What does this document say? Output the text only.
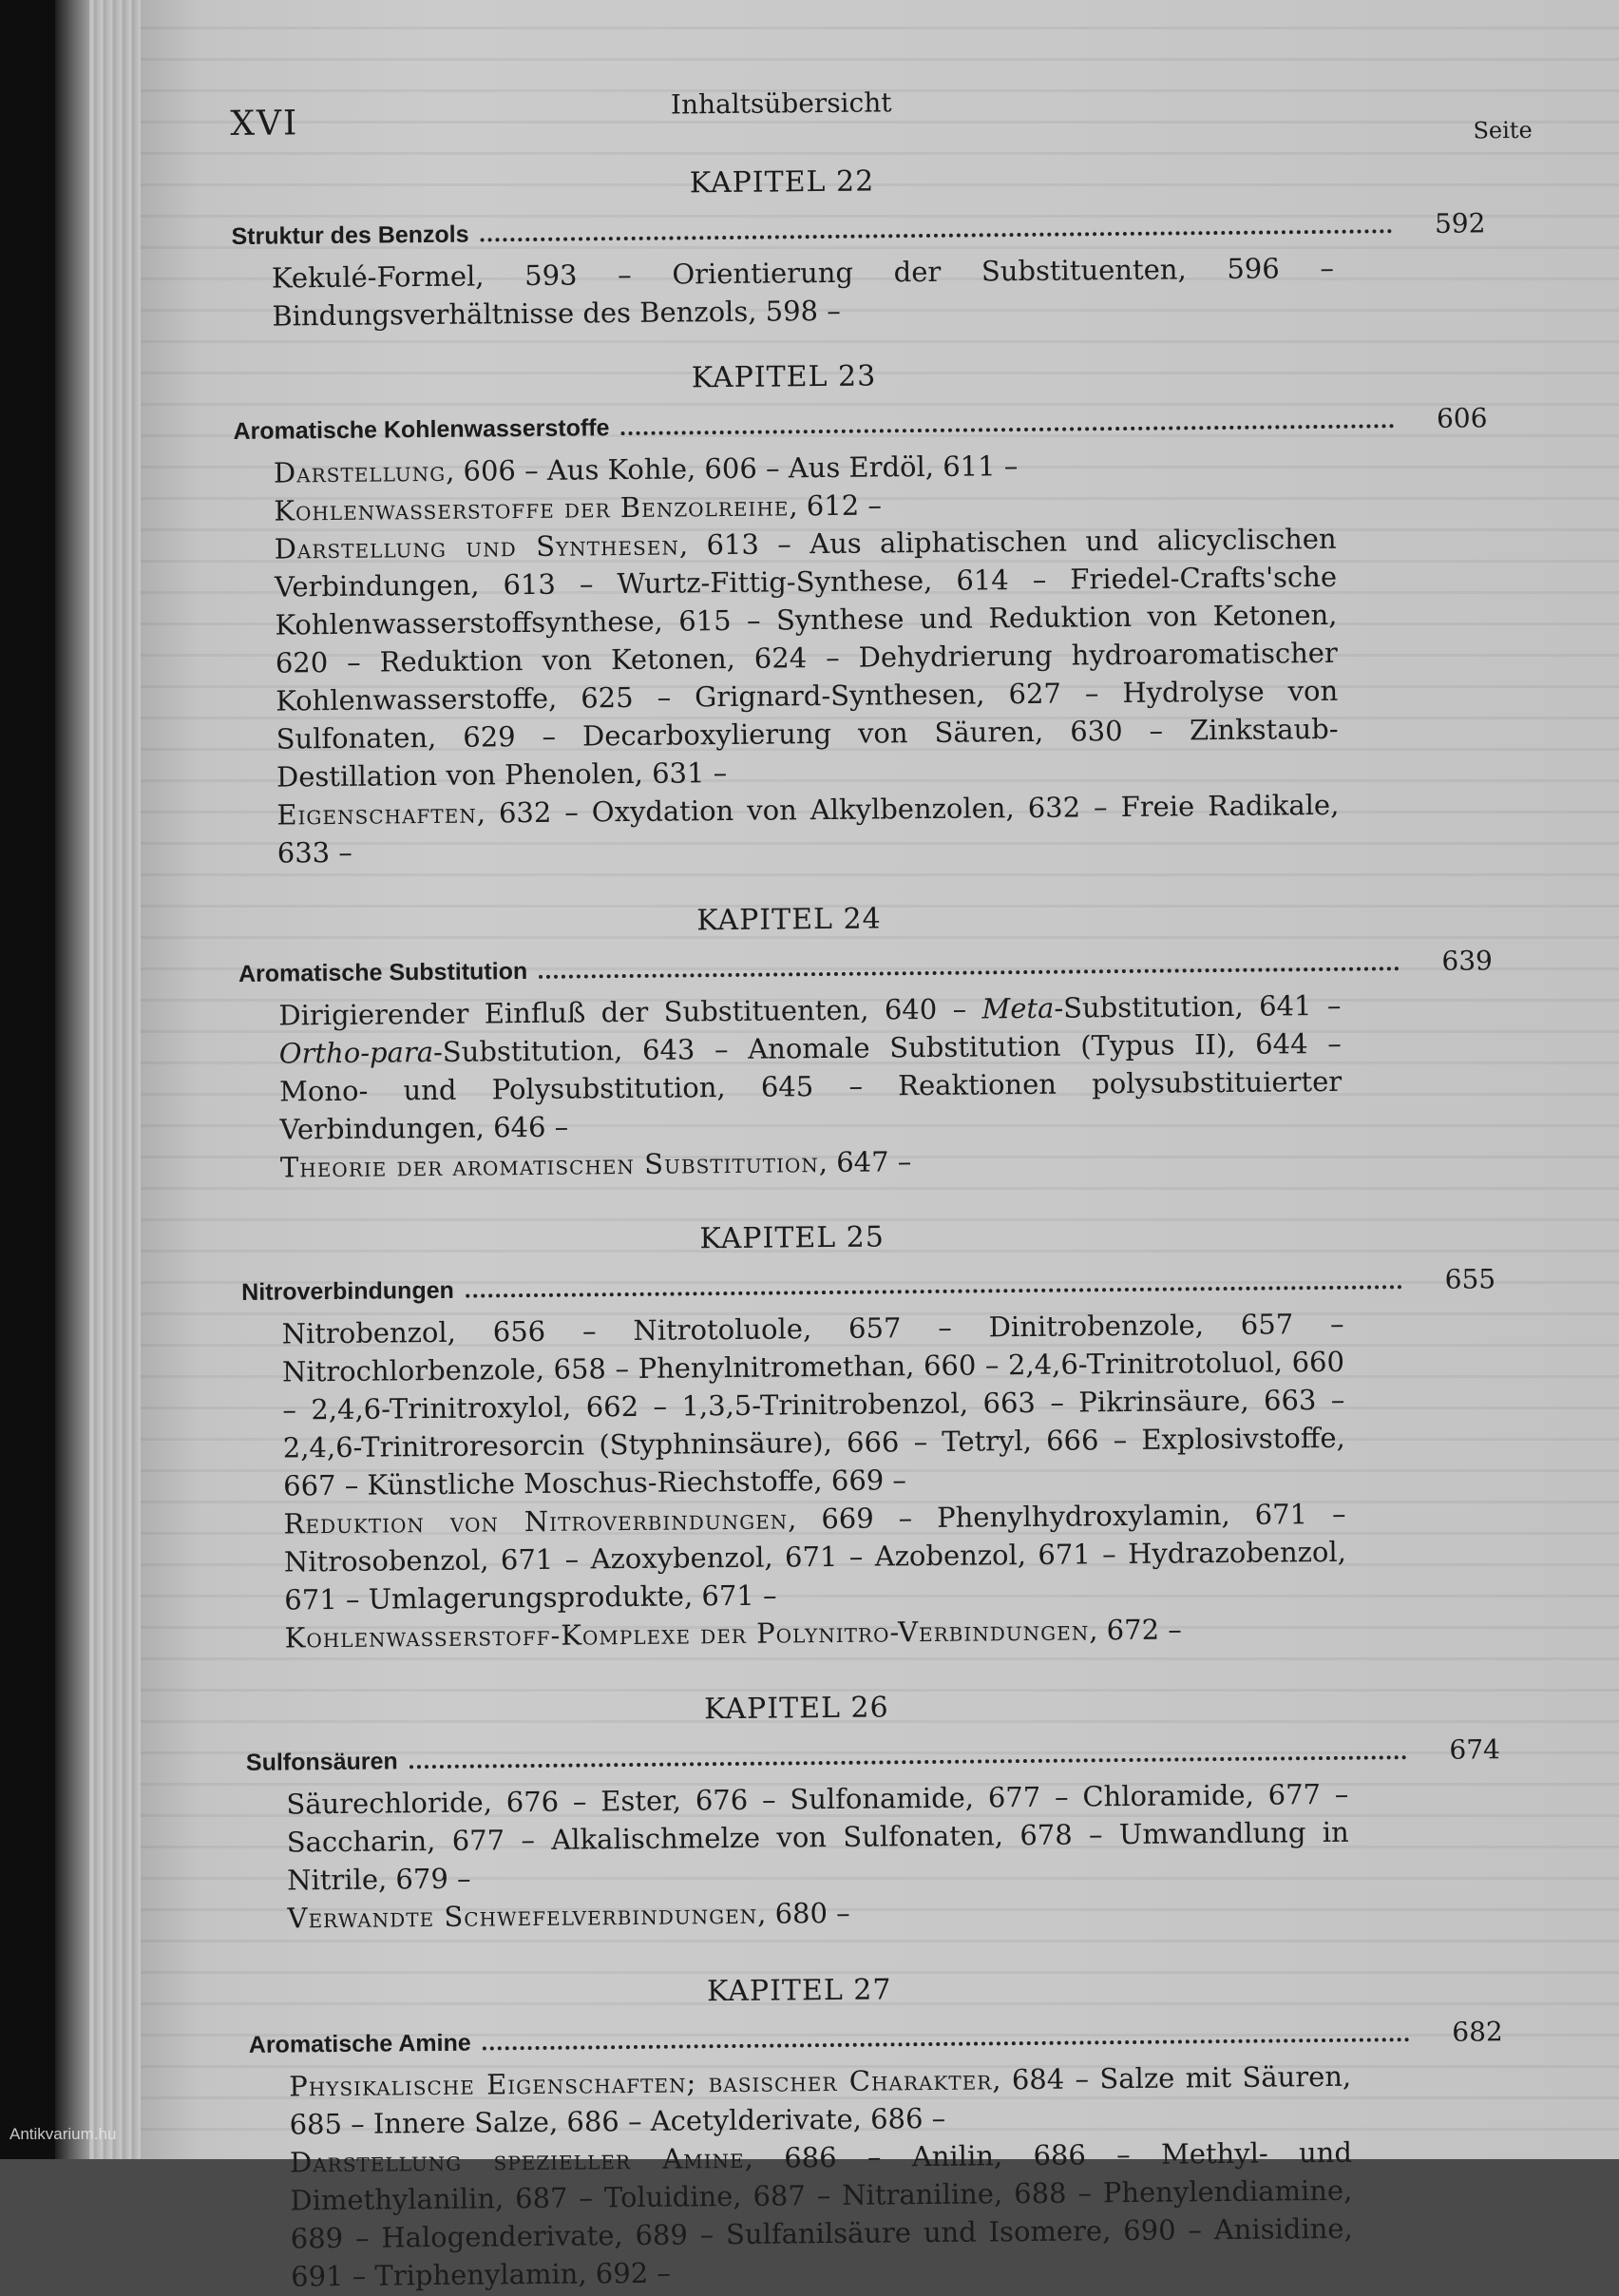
XVI
Inhaltsübersicht
Seite
KAPITEL 22
Struktur des Benzols	592

Kekulé-Formel, 593 – Orientierung der Substituenten, 596 – Bindungsverhältnisse des Benzols, 598 –

KAPITEL 23
Aromatische Kohlenwasserstoffe	606

Darstellung, 606 – Aus Kohle, 606 – Aus Erdöl, 611 –

Kohlenwasserstoffe der Benzolreihe, 612 –

Darstellung und Synthesen, 613 – Aus aliphatischen und alicyclischen Verbindungen, 613 – Wurtz-Fittig-Synthese, 614 – Friedel-Crafts'sche Kohlenwasserstoffsynthese, 615 – Synthese und Reduktion von Ketonen, 620 – Reduktion von Ketonen, 624 – Dehydrierung hydroaromatischer Kohlenwasserstoffe, 625 – Grignard-Synthesen, 627 – Hydrolyse von Sulfonaten, 629 – Decarboxylierung von Säuren, 630 – Zinkstaub-Destillation von Phenolen, 631 –

Eigenschaften, 632 – Oxydation von Alkylbenzolen, 632 – Freie Radikale, 633 –

KAPITEL 24
Aromatische Substitution	639

Dirigierender Einfluß der Substituenten, 640 – Meta-Substitution, 641 – Ortho-para-Substitution, 643 – Anomale Substitution (Typus II), 644 – Mono- und Polysubstitution, 645 – Reaktionen polysubstituierter Verbindungen, 646 –

Theorie der aromatischen Substitution, 647 –

KAPITEL 25
Nitroverbindungen	655

Nitrobenzol, 656 – Nitrotoluole, 657 – Dinitrobenzole, 657 – Nitrochlorbenzole, 658 – Phenylnitromethan, 660 – 2,4,6-Trinitrotoluol, 660 – 2,4,6-Trinitroxylol, 662 – 1,3,5-Trinitrobenzol, 663 – Pikrinsäure, 663 – 2,4,6-Trinitroresorcin (Styphninsäure), 666 – Tetryl, 666 – Explosivstoffe, 667 – Künstliche Moschus-Riechstoffe, 669 –

Reduktion von Nitroverbindungen, 669 – Phenylhydroxylamin, 671 – Nitrosobenzol, 671 – Azoxybenzol, 671 – Azobenzol, 671 – Hydrazobenzol, 671 – Umlagerungsprodukte, 671 –

Kohlenwasserstoff-Komplexe der Polynitro-Verbindungen, 672 –

KAPITEL 26
Sulfonsäuren	674

Säurechloride, 676 – Ester, 676 – Sulfonamide, 677 – Chloramide, 677 – Saccharin, 677 – Alkalischmelze von Sulfonaten, 678 – Umwandlung in Nitrile, 679 –

Verwandte Schwefelverbindungen, 680 –

KAPITEL 27
Aromatische Amine	682

Physikalische Eigenschaften; basischer Charakter, 684 – Salze mit Säuren, 685 – Innere Salze, 686 – Acetylderivate, 686 –

Darstellung spezieller Amine, 686 – Anilin, 686 – Methyl- und Dimethylanilin, 687 – Toluidine, 687 – Nitraniline, 688 – Phenylendiamine, 689 – Halogenderivate, 689 – Sulfanilsäure und Isomere, 690 – Anisidine, 691 – Triphenylamin, 692 –

Antikvarium.hu
